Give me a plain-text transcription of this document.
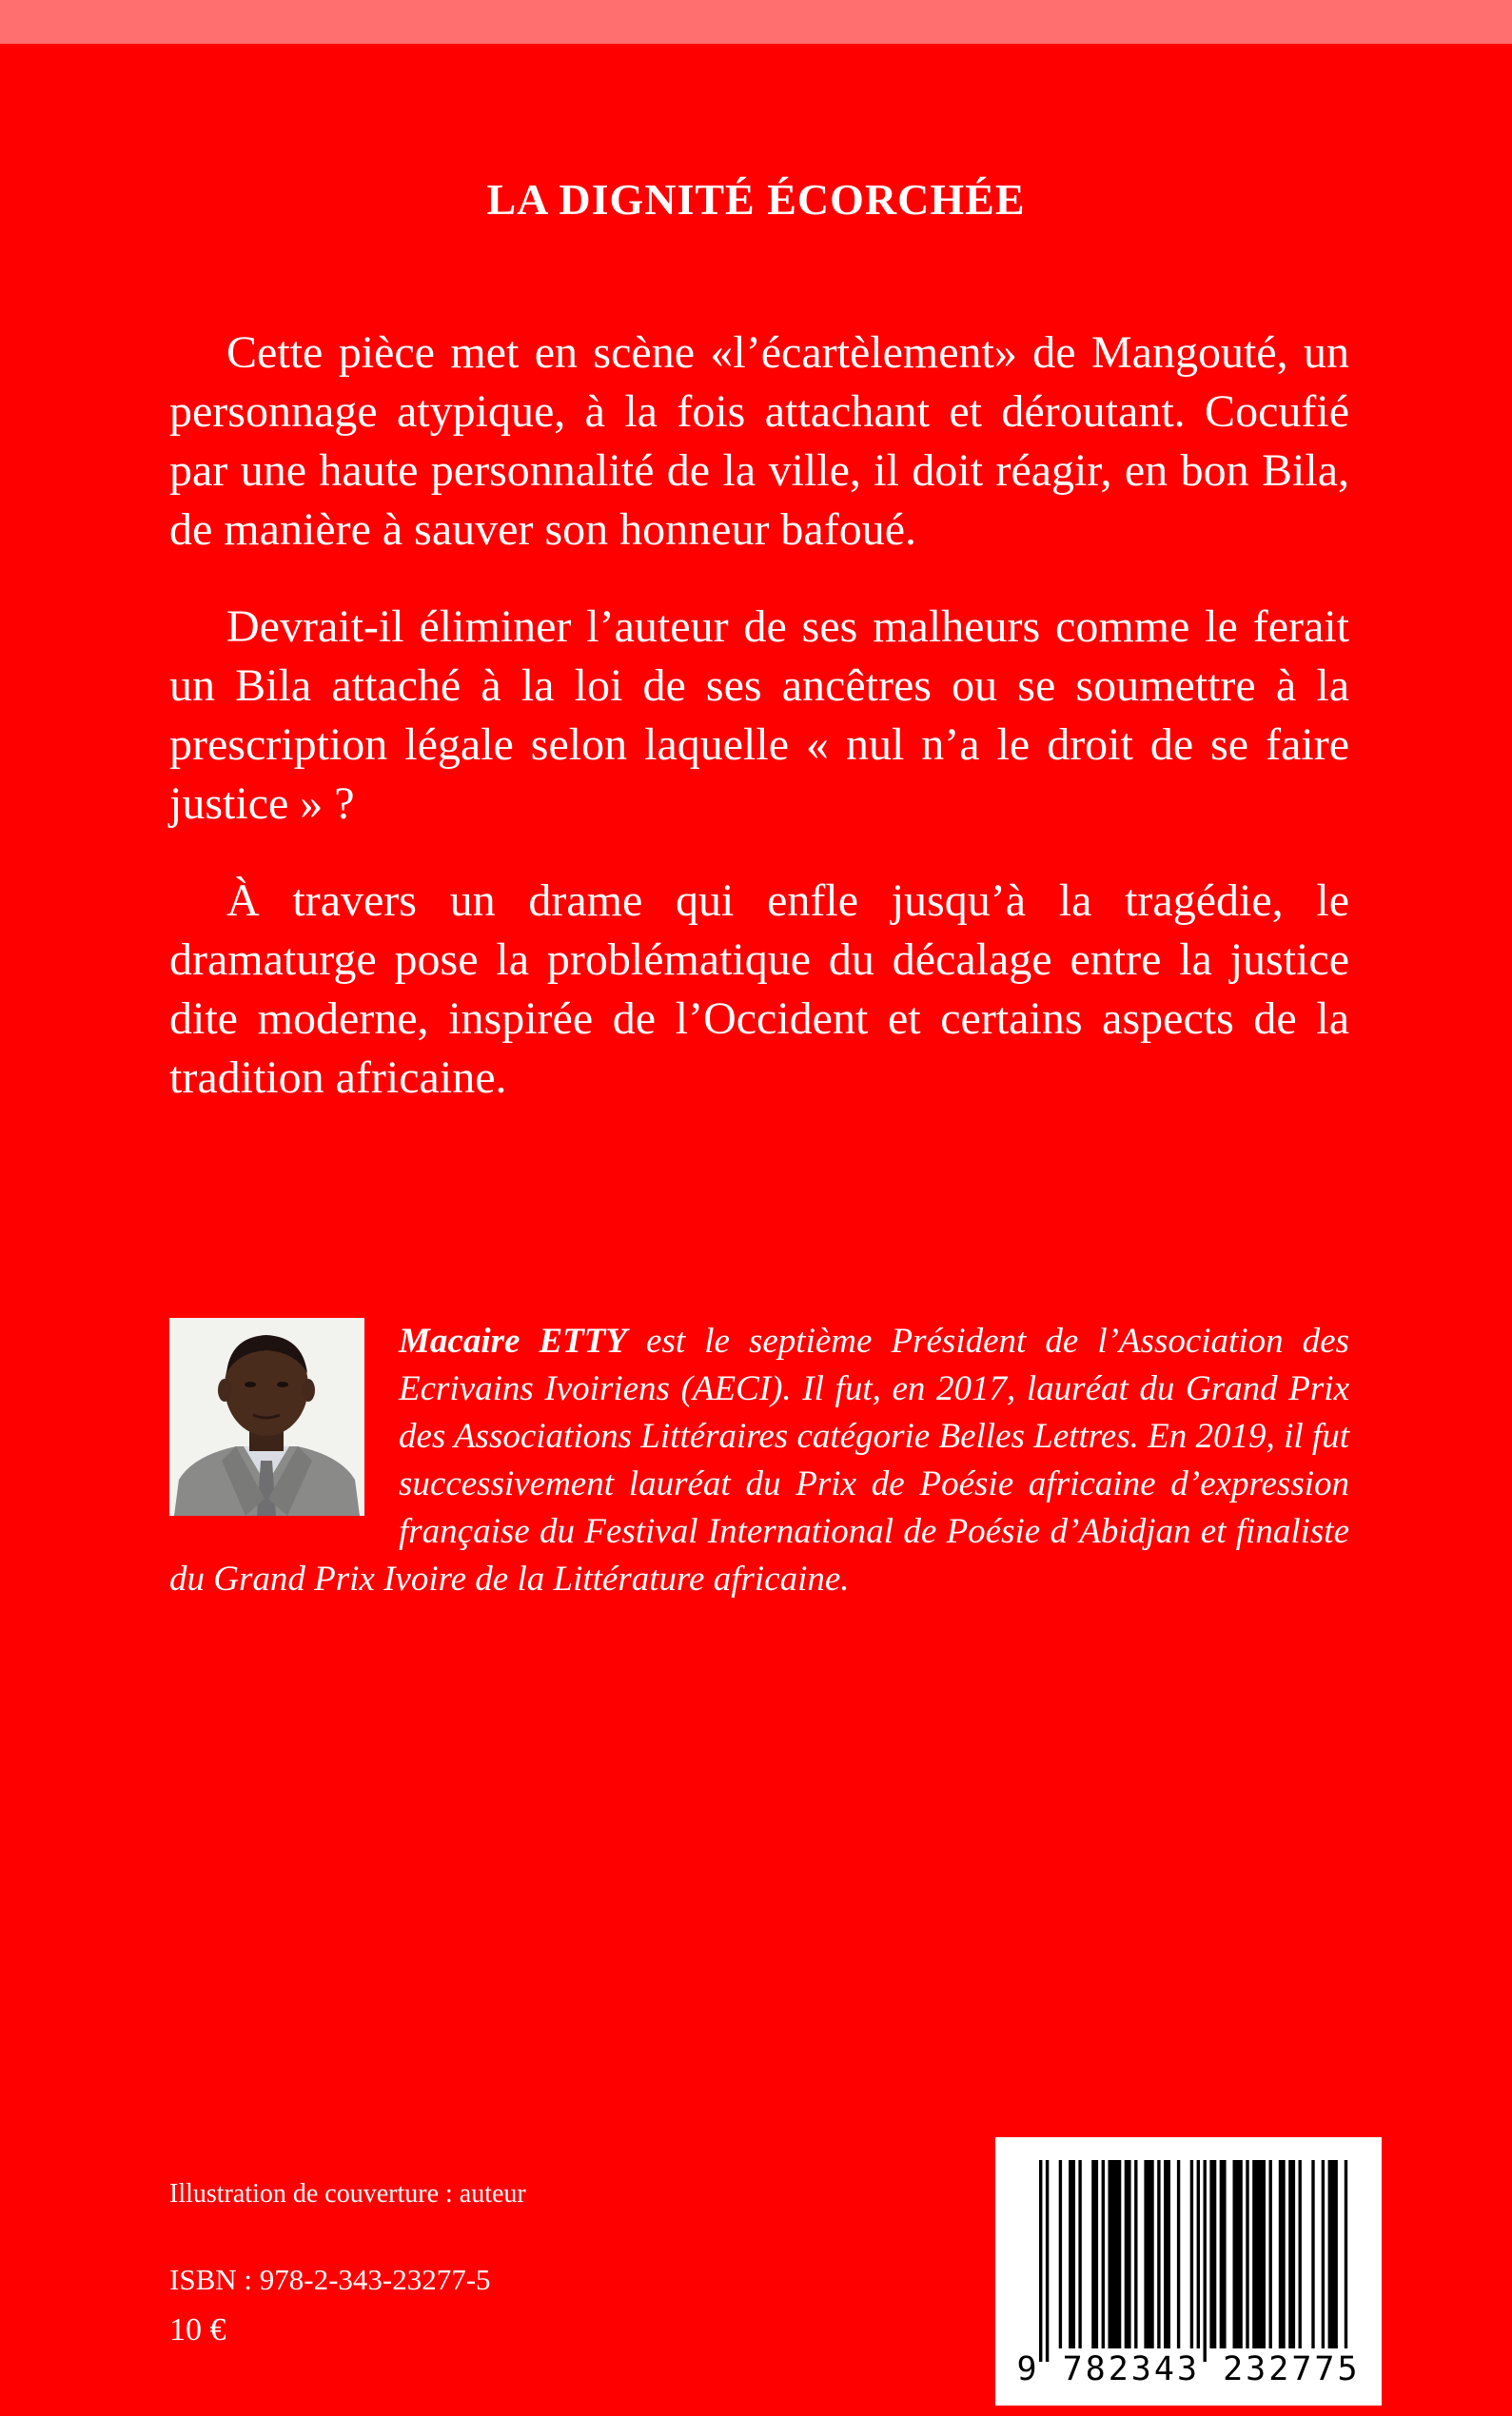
LA DIGNITÉ ÉCORCHÉE

Cette pièce met en scène «l’écartèlement» de Mangouté, un personnage atypique, à la fois attachant et déroutant. Cocufié par une haute personnalité de la ville, il doit réagir, en bon Bila, de manière à sauver son honneur bafoué.

Devrait-il éliminer l’auteur de ses malheurs comme le ferait un Bila attaché à la loi de ses ancêtres ou se soumettre à la prescription légale selon laquelle « nul n’a le droit de se faire justice » ?

À travers un drame qui enfle jusqu’à la tragédie, le dramaturge pose la problématique du décalage entre la justice dite moderne, inspirée de l’Occident et certains aspects de la tradition africaine.

Macaire ETTY est le septième Président de l’Association des Ecrivains Ivoiriens (AECI). Il fut, en 2017, lauréat du Grand Prix des Associations Littéraires catégorie Belles Lettres. En 2019, il fut successivement lauréat du Prix de Poésie africaine d’expression française du Festival International de Poésie d’Abidjan et finaliste du Grand Prix Ivoire de la Littérature africaine.

Illustration de couverture : auteur

ISBN : 978-2-343-23277-5

10 €

9 782343 232775
